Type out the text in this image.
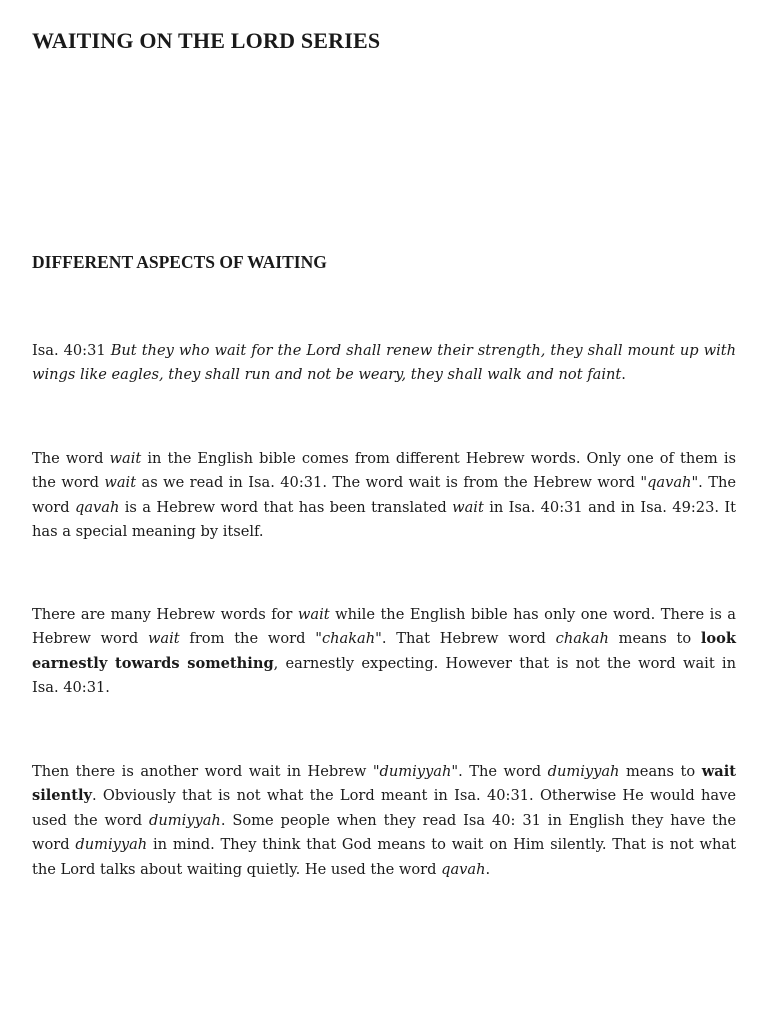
WAITING ON THE LORD SERIES
DIFFERENT ASPECTS OF WAITING

Isa. 40:31 But they who wait for the Lord shall renew their strength, they shall mount up with wings like eagles, they shall run and not be weary, they shall walk and not faint.

The word wait in the English bible comes from different Hebrew words. Only one of them is the word wait as we read in Isa. 40:31. The word wait is from the Hebrew word "qavah". The word qavah is a Hebrew word that has been translated wait in Isa. 40:31 and in Isa. 49:23. It has a special meaning by itself.

There are many Hebrew words for wait while the English bible has only one word. There is a Hebrew word wait from the word "chakah". That Hebrew word chakah means to look earnestly towards something, earnestly expecting. However that is not the word wait in Isa. 40:31.

Then there is another word wait in Hebrew "dumiyyah". The word dumiyyah means to wait silently. Obviously that is not what the Lord meant in Isa. 40:31. Otherwise He would have used the word dumiyyah. Some people when they read Isa 40: 31 in English they have the word dumiyyah in mind. They think that God means to wait on Him silently. That is not what the Lord talks about waiting quietly. He used the word qavah.
